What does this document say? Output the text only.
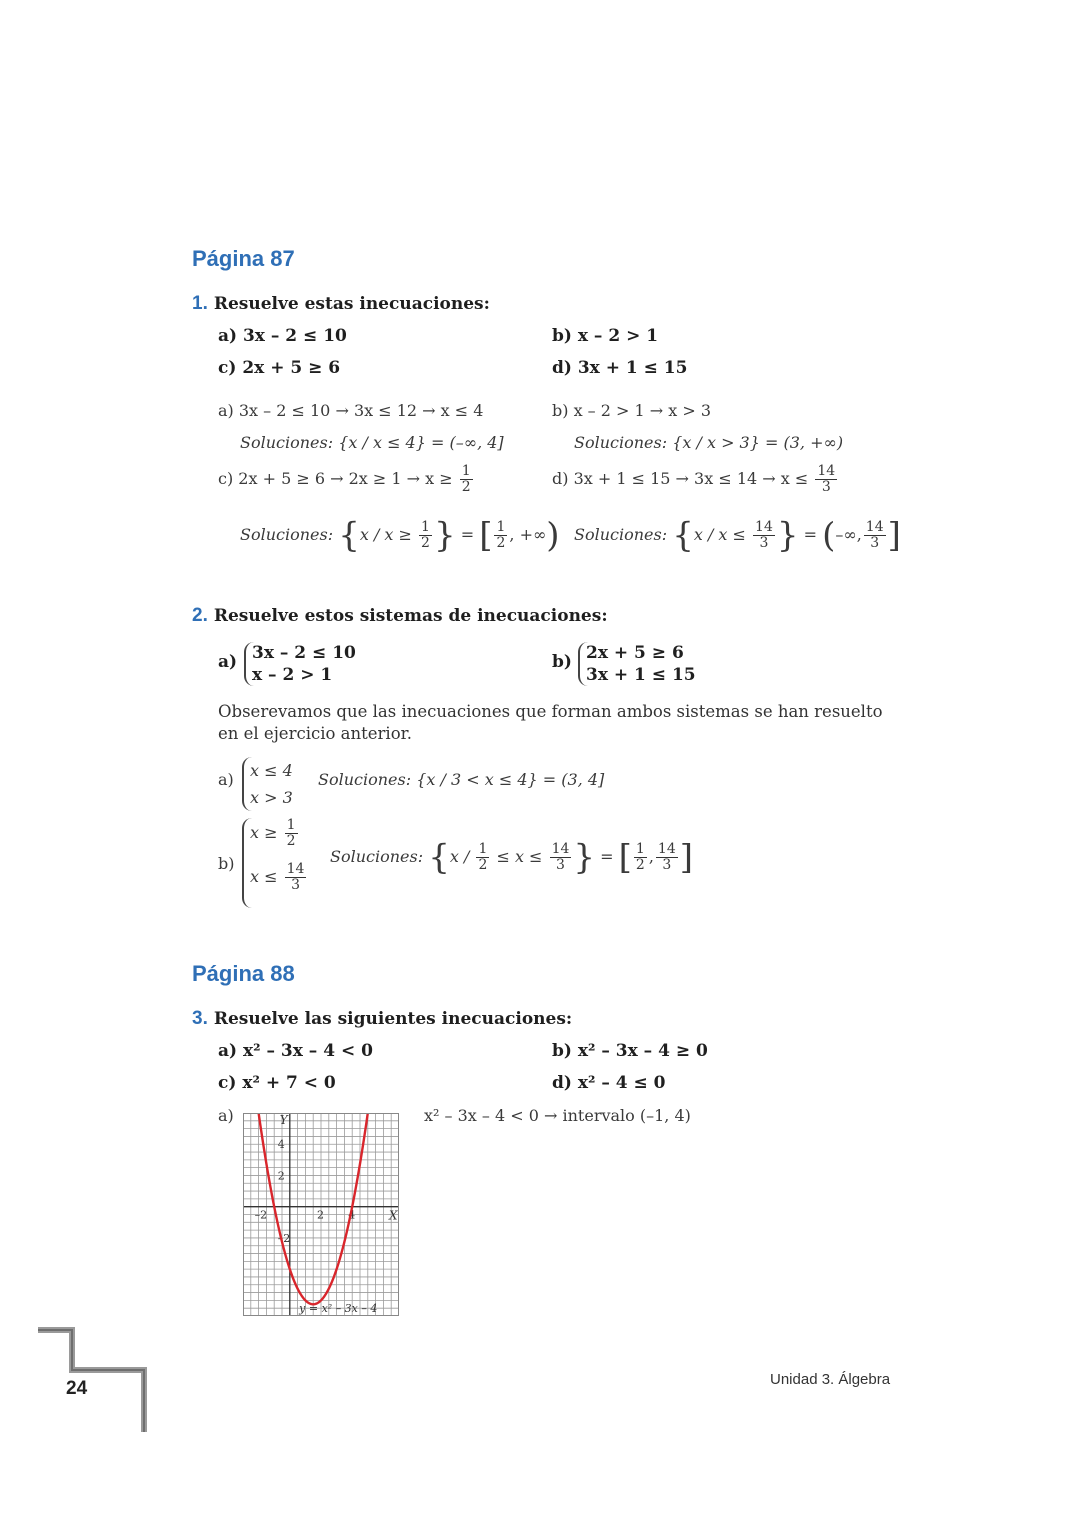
Página 87
1. Resuelve estas inecuaciones:
a) 3x – 2 ≤ 10	b) x – 2 > 1
c) 2x + 5 ≥ 6	d) 3x + 1 ≤ 15
a) 3x – 2 ≤ 10 → 3x ≤ 12 → x ≤ 4
Soluciones: {x / x ≤ 4} = (–∞, 4]
b) x – 2 > 1 → x > 3
Soluciones: {x / x > 3} = (3, +∞)
c) $2x + 5 \ge 6 \to 2x \ge 1 \to x \ge \frac{1}{2}$	d) $3x + 1 \le 15 \to 3x \le 14 \to x \le \frac{14}{3}$
Soluciones: {$x / x \ge \frac{1}{2}$ } = [ $\frac{1}{2}$ , +∞) Soluciones: {$x / x \le \frac{14}{3}$ } = (–∞, $\frac{14}{3}$ ]
2. Resuelve estos sistemas de inecuaciones:
a) 3x – 2 ≤ 10
x – 2 > 1
b) 2x + 5 ≥ 6
3x + 1 ≤ 15
Obserevamos que las inecuaciones que forman ambos sistemas se han resuelto en el ejercicio anterior.
a) x ≤ 4
x > 3
Soluciones: {x / 3 < x ≤ 4} = (3, 4]
b)
$x \ge \frac{1}{2}$
$x \le \frac{14}{3}$
Soluciones: {$x / \frac{1}{2} \le x \le \frac{14}{3}$ } = [ $\frac{1}{2}$ , $\frac{14}{3}$ ]
Página 88
3. Resuelve las siguientes inecuaciones:
a) x² – 3x – 4 < 0	b) x² – 3x – 4 ≥ 0
c) x² + 7 < 0	d) x² – 4 ≤ 0
a)	x² – 3x – 4 < 0 → intervalo (–1, 4)
X
Y
–2	2 4
4
2
–2
y = x² – 3x – 4
24	Unidad 3. Álgebra
